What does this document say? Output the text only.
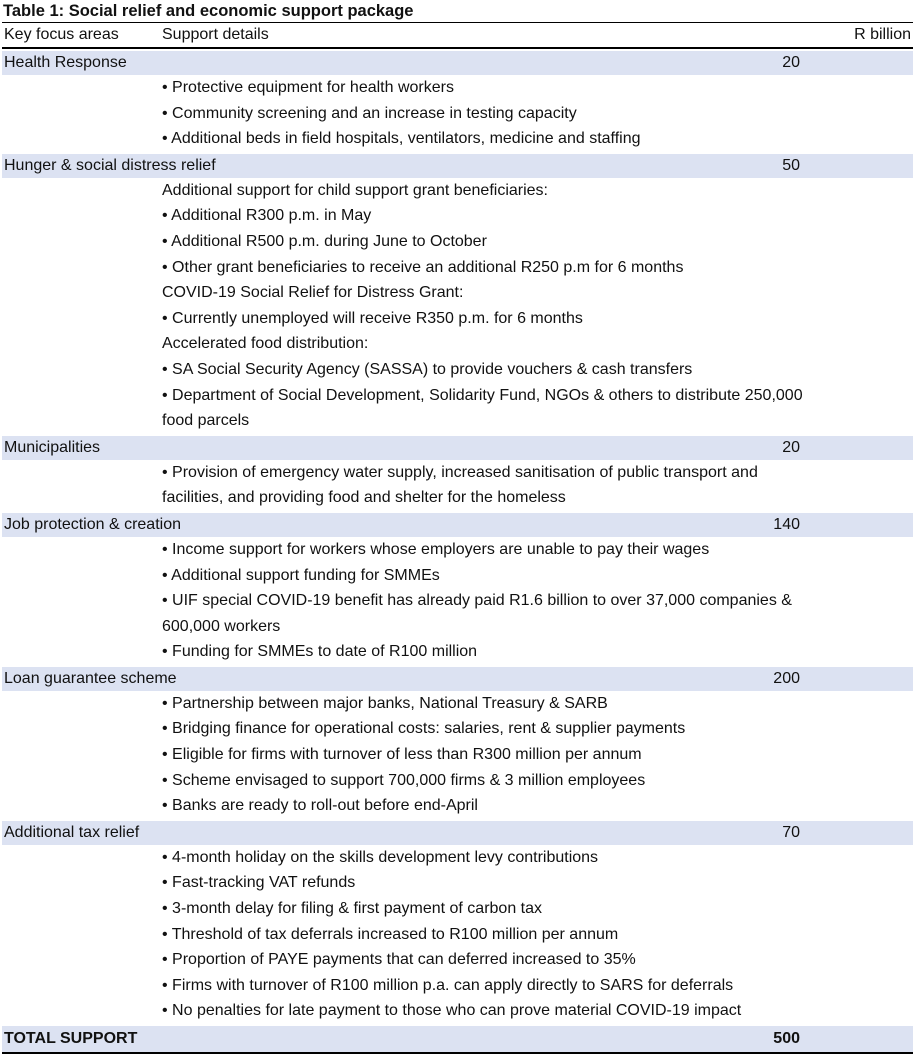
Table 1: Social relief and economic support package
Key focus areas	Support details	R billion
Health Response	20
• Protective equipment for health workers
• Community screening and an increase in testing capacity
• Additional beds in field hospitals, ventilators, medicine and staffing
Hunger & social distress relief	50
Additional support for child support grant beneficiaries:
• Additional R300 p.m. in May
• Additional R500 p.m. during June to October
• Other grant beneficiaries to receive an additional R250 p.m for 6 months
COVID-19 Social Relief for Distress Grant:
• Currently unemployed will receive R350 p.m. for 6 months
Accelerated food distribution:
• SA Social Security Agency (SASSA) to provide vouchers & cash transfers
• Department of Social Development, Solidarity Fund, NGOs & others to distribute 250,000 food parcels
Municipalities	20
• Provision of emergency water supply, increased sanitisation of public transport and facilities, and providing food and shelter for the homeless
Job protection & creation	140
• Income support for workers whose employers are unable to pay their wages
• Additional support funding for SMMEs
• UIF special COVID-19 benefit has already paid R1.6 billion to over 37,000 companies & 600,000 workers
• Funding for SMMEs to date of R100 million
Loan guarantee scheme	200
• Partnership between major banks, National Treasury & SARB
• Bridging finance for operational costs: salaries, rent & supplier payments
• Eligible for firms with turnover of less than R300 million per annum
• Scheme envisaged to support 700,000 firms & 3 million employees
• Banks are ready to roll-out before end-April
Additional tax relief	70
• 4-month holiday on the skills development levy contributions
• Fast-tracking VAT refunds
• 3-month delay for filing & first payment of carbon tax
• Threshold of tax deferrals increased to R100 million per annum
• Proportion of PAYE payments that can deferred increased to 35%
• Firms with turnover of R100 million p.a. can apply directly to SARS for deferrals
• No penalties for late payment to those who can prove material COVID-19 impact
TOTAL SUPPORT	500
